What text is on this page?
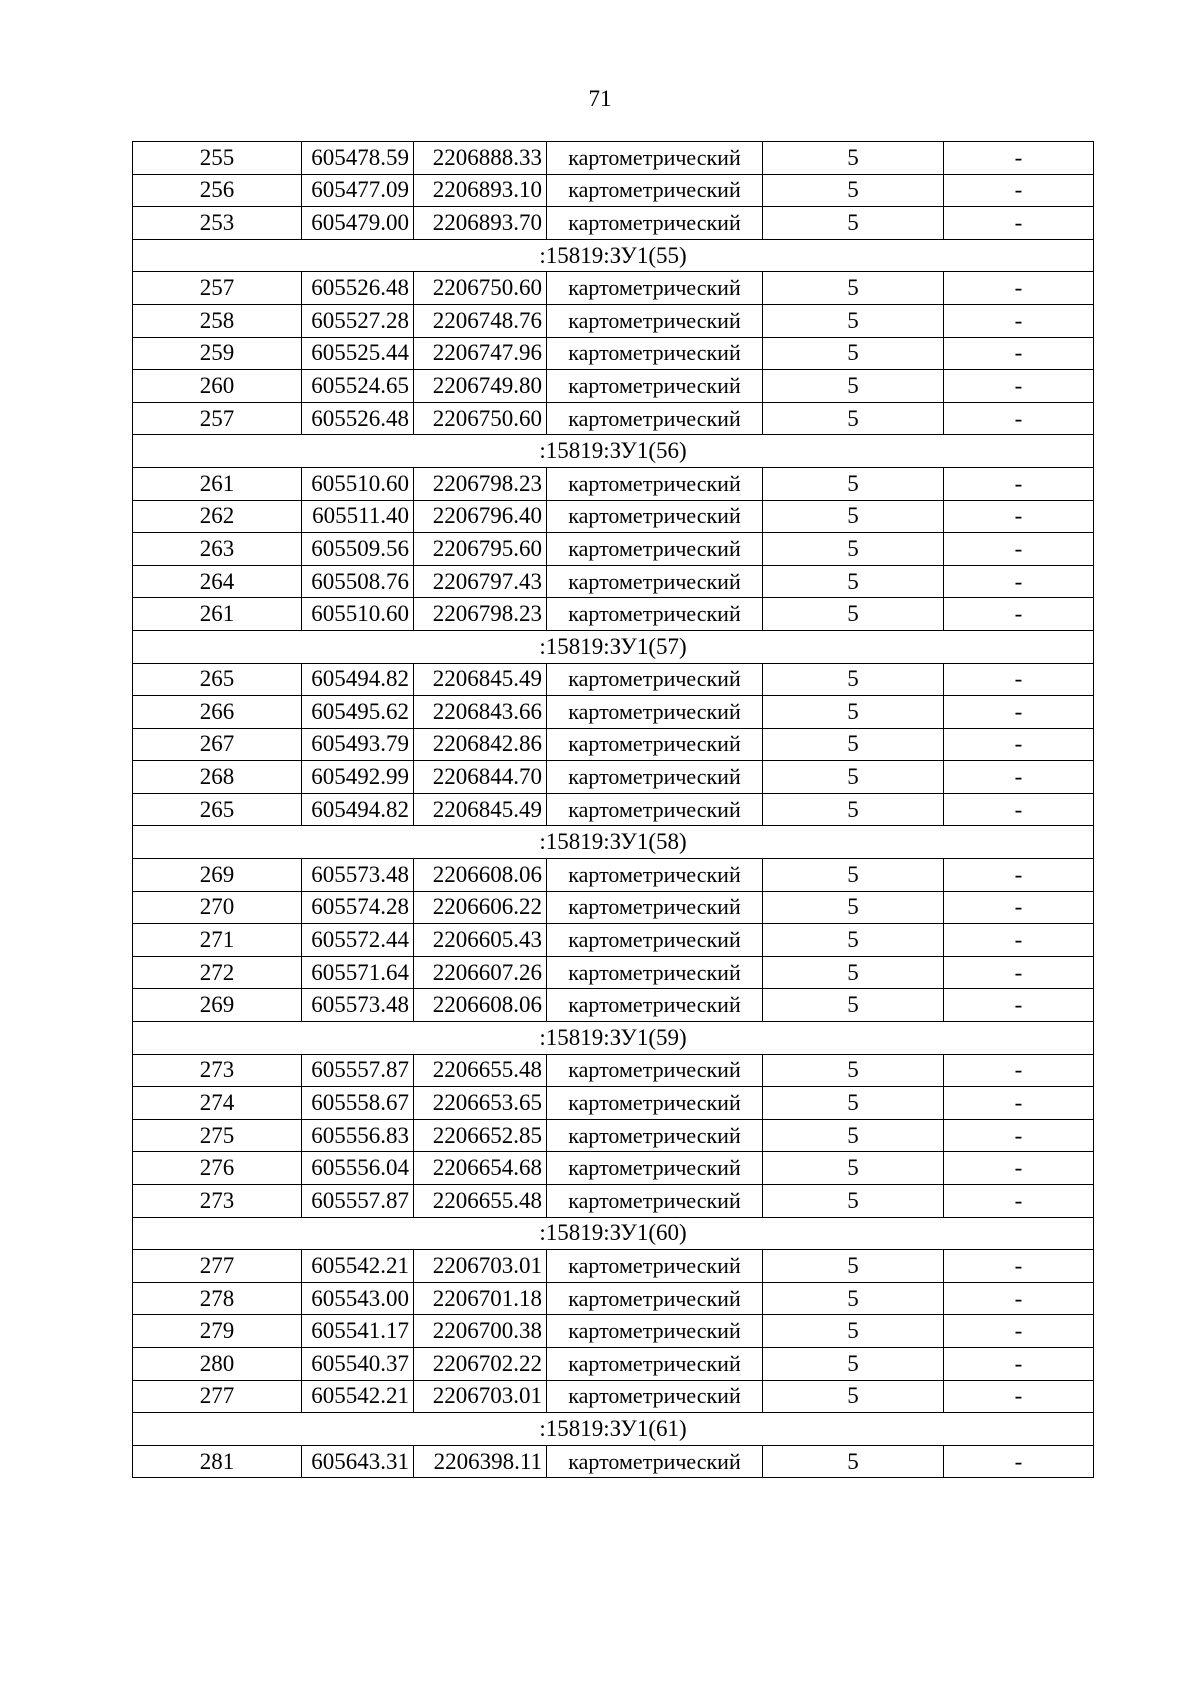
71
255	605478.59	2206888.33	картометрический	5	-
256	605477.09	2206893.10	картометрический	5	-
253	605479.00	2206893.70	картометрический	5	-
:15819:ЗУ1(55)					
257	605526.48	2206750.60	картометрический	5	-
258	605527.28	2206748.76	картометрический	5	-
259	605525.44	2206747.96	картометрический	5	-
260	605524.65	2206749.80	картометрический	5	-
257	605526.48	2206750.60	картометрический	5	-
:15819:ЗУ1(56)					
261	605510.60	2206798.23	картометрический	5	-
262	605511.40	2206796.40	картометрический	5	-
263	605509.56	2206795.60	картометрический	5	-
264	605508.76	2206797.43	картометрический	5	-
261	605510.60	2206798.23	картометрический	5	-
:15819:ЗУ1(57)					
265	605494.82	2206845.49	картометрический	5	-
266	605495.62	2206843.66	картометрический	5	-
267	605493.79	2206842.86	картометрический	5	-
268	605492.99	2206844.70	картометрический	5	-
265	605494.82	2206845.49	картометрический	5	-
:15819:ЗУ1(58)					
269	605573.48	2206608.06	картометрический	5	-
270	605574.28	2206606.22	картометрический	5	-
271	605572.44	2206605.43	картометрический	5	-
272	605571.64	2206607.26	картометрический	5	-
269	605573.48	2206608.06	картометрический	5	-
:15819:ЗУ1(59)					
273	605557.87	2206655.48	картометрический	5	-
274	605558.67	2206653.65	картометрический	5	-
275	605556.83	2206652.85	картометрический	5	-
276	605556.04	2206654.68	картометрический	5	-
273	605557.87	2206655.48	картометрический	5	-
:15819:ЗУ1(60)					
277	605542.21	2206703.01	картометрический	5	-
278	605543.00	2206701.18	картометрический	5	-
279	605541.17	2206700.38	картометрический	5	-
280	605540.37	2206702.22	картометрический	5	-
277	605542.21	2206703.01	картометрический	5	-
:15819:ЗУ1(61)					
281	605643.31	2206398.11	картометрический	5	-
